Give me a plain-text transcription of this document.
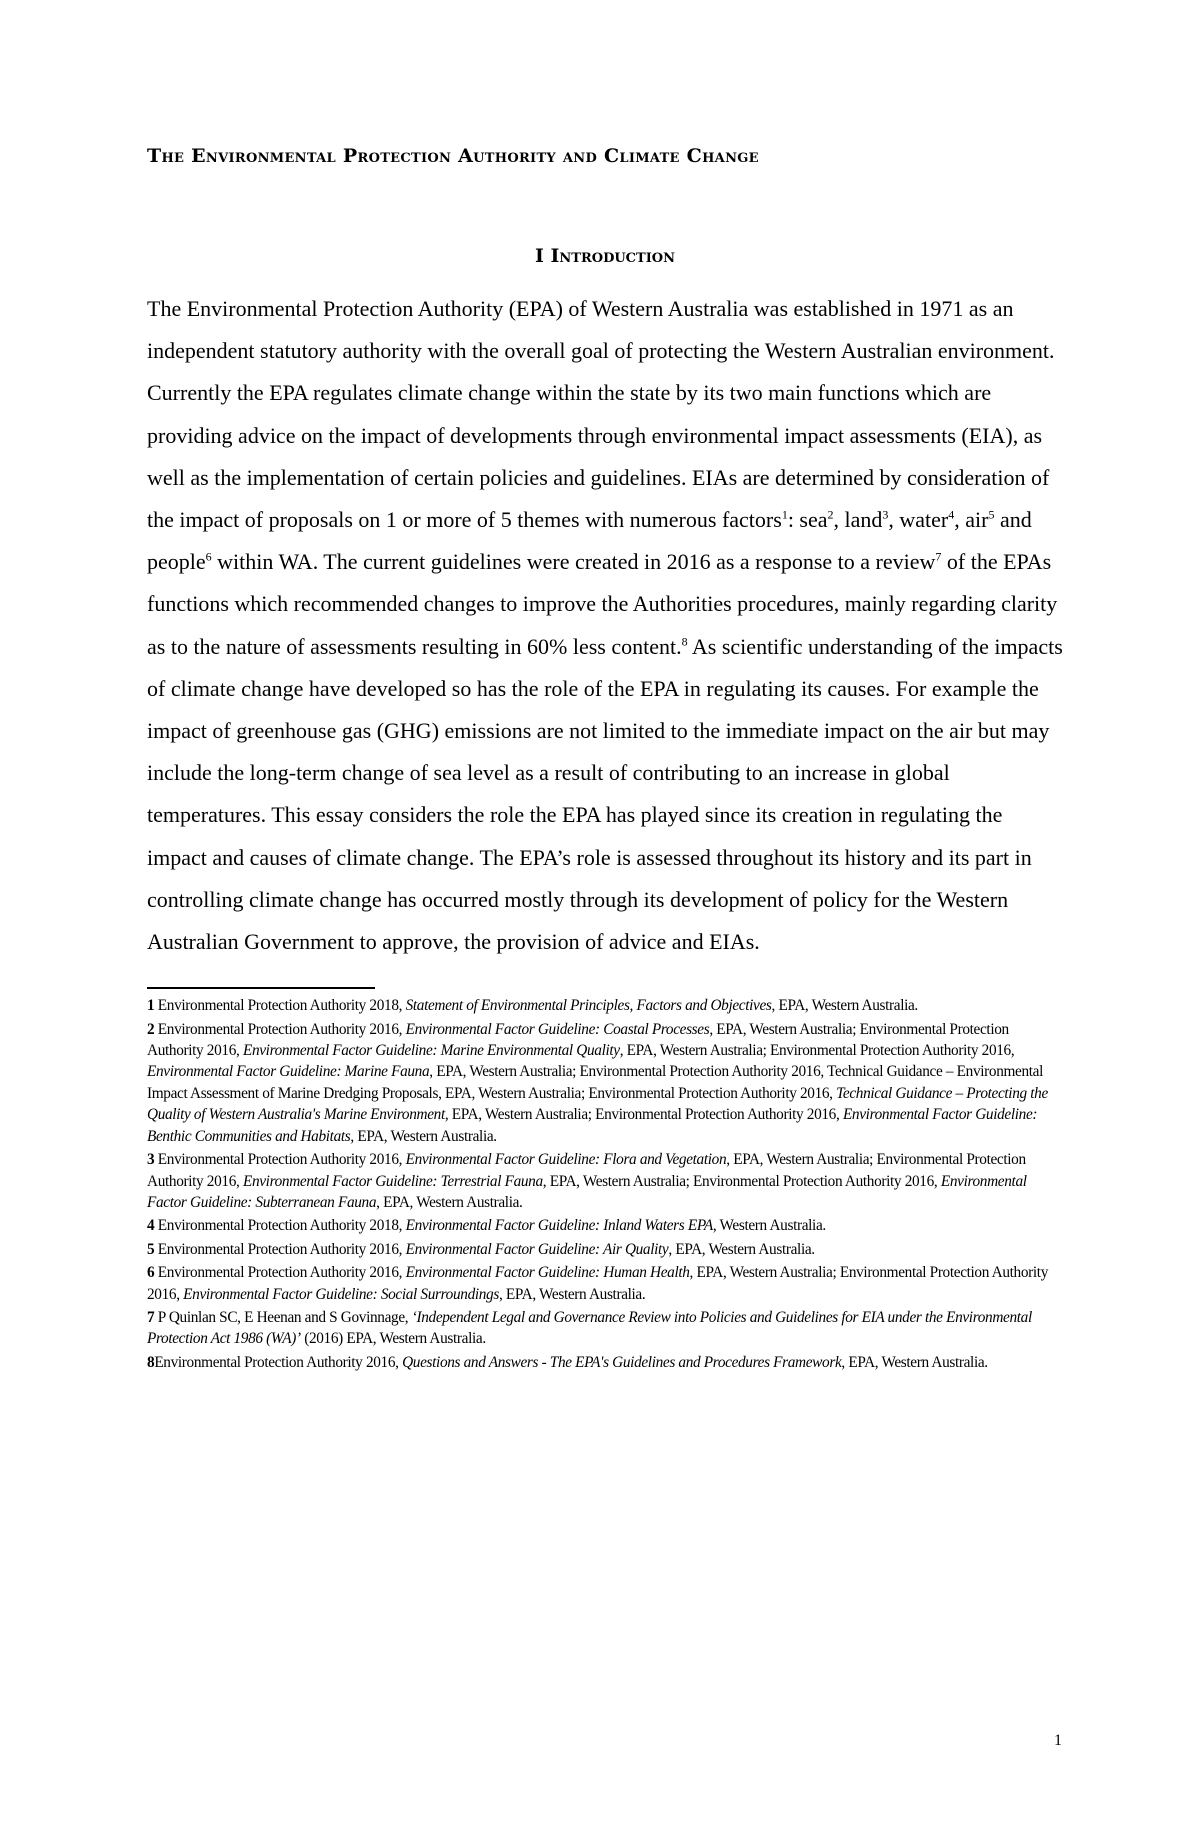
The Environmental Protection Authority and Climate Change
I Introduction

The Environmental Protection Authority (EPA) of Western Australia was established in 1971 as an independent statutory authority with the overall goal of protecting the Western Australian environment. Currently the EPA regulates climate change within the state by its two main functions which are providing advice on the impact of developments through environmental impact assessments (EIA), as well as the implementation of certain policies and guidelines. EIAs are determined by consideration of the impact of proposals on 1 or more of 5 themes with numerous factors$^1$: sea$^2$, land$^3$, water$^4$, air$^5$ and people$^6$ within WA. The current guidelines were created in 2016 as a response to a review$^7$ of the EPAs functions which recommended changes to improve the Authorities procedures, mainly regarding clarity as to the nature of assessments resulting in 60% less content.$^8$ As scientific understanding of the impacts of climate change have developed so has the role of the EPA in regulating its causes. For example the impact of greenhouse gas (GHG) emissions are not limited to the immediate impact on the air but may include the long-term change of sea level as a result of contributing to an increase in global temperatures. This essay considers the role the EPA has played since its creation in regulating the impact and causes of climate change. The EPA’s role is assessed throughout its history and its part in controlling climate change has occurred mostly through its development of policy for the Western Australian Government to approve, the provision of advice and EIAs.

1 Environmental Protection Authority 2018, Statement of Environmental Principles, Factors and Objectives, EPA, Western Australia.
2 Environmental Protection Authority 2016, Environmental Factor Guideline: Coastal Processes, EPA, Western Australia; Environmental Protection Authority 2016, Environmental Factor Guideline: Marine Environmental Quality, EPA, Western Australia; Environmental Protection Authority 2016, Environmental Factor Guideline: Marine Fauna, EPA, Western Australia; Environmental Protection Authority 2016, Technical Guidance – Environmental Impact Assessment of Marine Dredging Proposals, EPA, Western Australia; Environmental Protection Authority 2016, Technical Guidance – Protecting the Quality of Western Australia's Marine Environment, EPA, Western Australia; Environmental Protection Authority 2016, Environmental Factor Guideline: Benthic Communities and Habitats, EPA, Western Australia.
3 Environmental Protection Authority 2016, Environmental Factor Guideline: Flora and Vegetation, EPA, Western Australia; Environmental Protection Authority 2016, Environmental Factor Guideline: Terrestrial Fauna, EPA, Western Australia; Environmental Protection Authority 2016, Environmental Factor Guideline: Subterranean Fauna, EPA, Western Australia.
4 Environmental Protection Authority 2018, Environmental Factor Guideline: Inland Waters EPA, Western Australia.
5 Environmental Protection Authority 2016, Environmental Factor Guideline: Air Quality, EPA, Western Australia.
6 Environmental Protection Authority 2016, Environmental Factor Guideline: Human Health, EPA, Western Australia; Environmental Protection Authority 2016, Environmental Factor Guideline: Social Surroundings, EPA, Western Australia.
7 P Quinlan SC, E Heenan and S Govinnage, ‘Independent Legal and Governance Review into Policies and Guidelines for EIA under the Environmental Protection Act 1986 (WA)’ (2016) EPA, Western Australia.
8Environmental Protection Authority 2016, Questions and Answers - The EPA's Guidelines and Procedures Framework, EPA, Western Australia.
1
